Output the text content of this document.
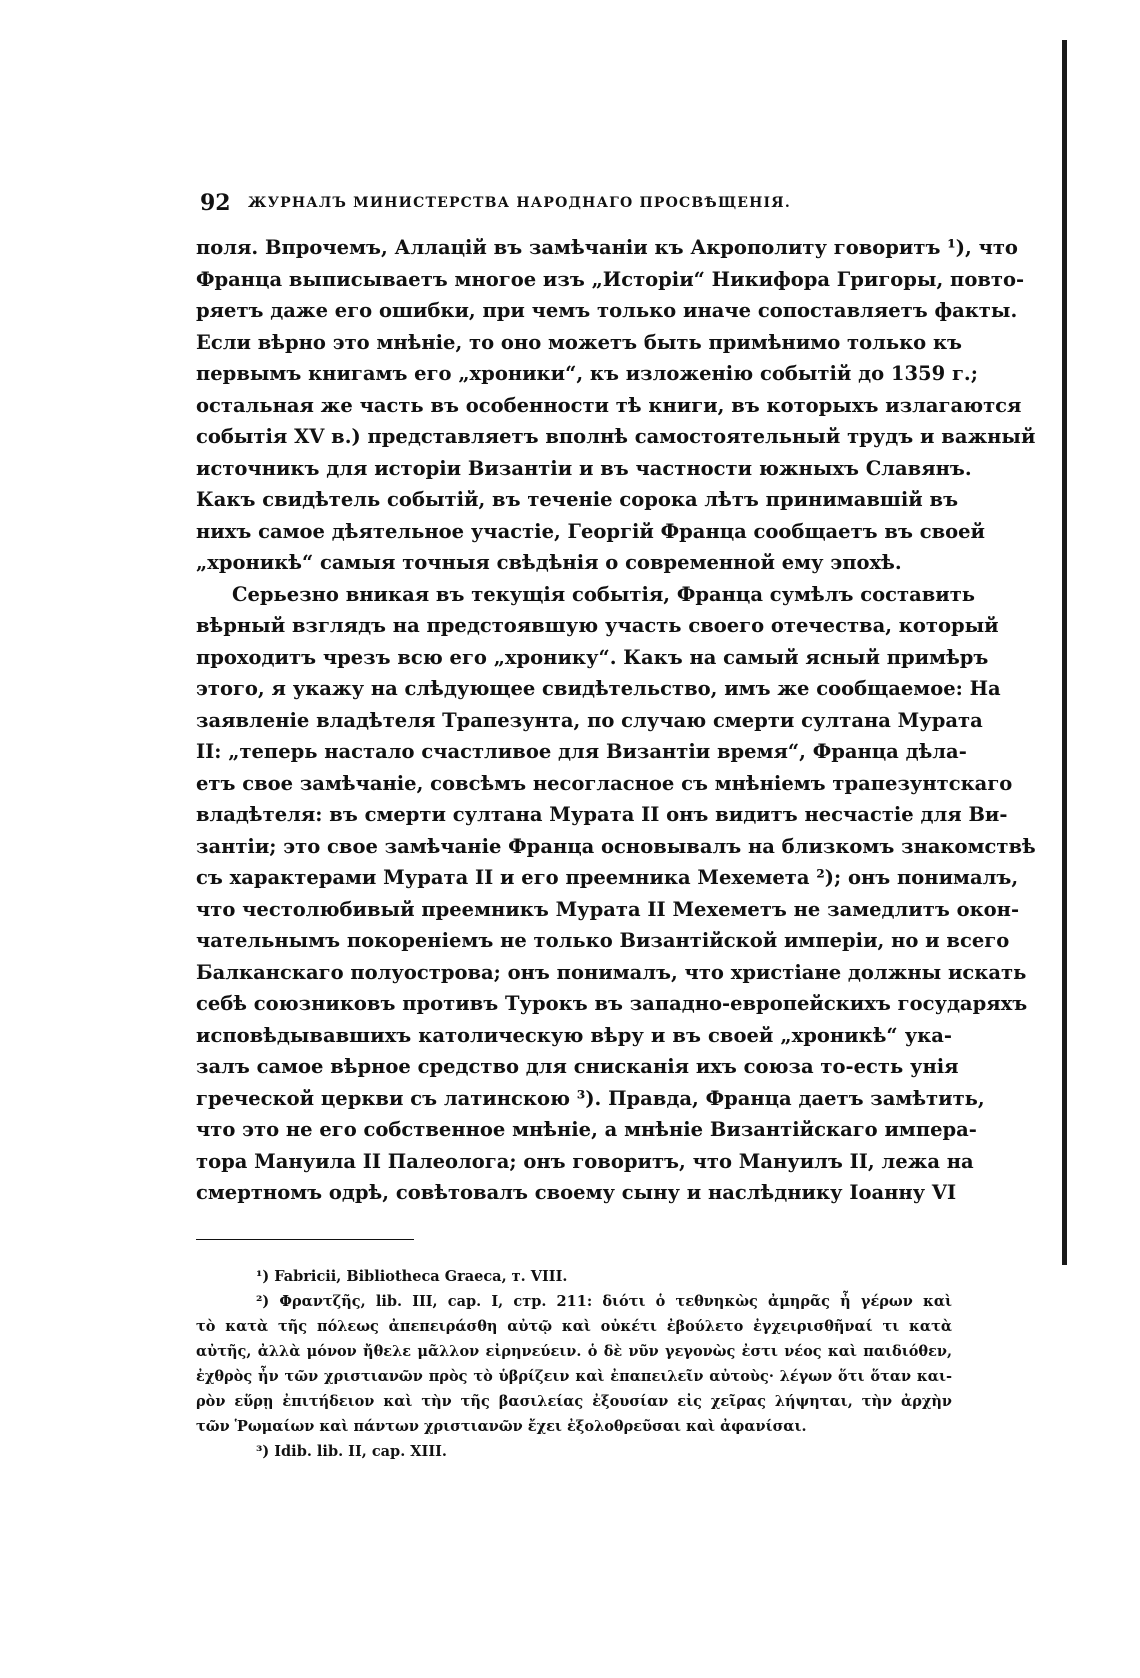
92 ЖУРНАЛЪ МИНИСТЕРСТВА НАРОДНАГО ПРОСВѢЩЕНІЯ.
поля. Впрочемъ, Аллацій въ замѣчаніи къ Акрополиту говоритъ ¹), что
Франца выписываетъ многое изъ „Исторіи“ Никифора Григоры, повто-
ряетъ даже его ошибки, при чемъ только иначе сопоставляетъ факты.
Если вѣрно это мнѣніе, то оно можетъ быть примѣнимо только къ
первымъ книгамъ его „хроники“, къ изложенію событій до 1359 г.;
остальная же часть въ особенности тѣ книги, въ которыхъ излагаются
событія XV в.) представляетъ вполнѣ самостоятельный трудъ и важный
источникъ для исторіи Византіи и въ частности южныхъ Славянъ.
Какъ свидѣтель событій, въ теченіе сорока лѣтъ принимавшій въ
нихъ самое дѣятельное участіе, Георгій Франца сообщаетъ въ своей
„хроникѣ“ самыя точныя свѣдѣнія о современной ему эпохѣ.
Серьезно вникая въ текущія событія, Франца сумѣлъ составить
вѣрный взглядъ на предстоявшую участь своего отечества, который
проходитъ чрезъ всю его „хронику“. Какъ на самый ясный примѣръ
этого, я укажу на слѣдующее свидѣтельство, имъ же сообщаемое: На
заявленіе владѣтеля Трапезунта, по случаю смерти султана Мурата
II: „теперь настало счастливое для Византіи время“, Франца дѣла-
етъ свое замѣчаніе, совсѣмъ несогласное съ мнѣніемъ трапезунтскаго
владѣтеля: въ смерти султана Мурата II онъ видитъ несчастіе для Ви-
зантіи; это свое замѣчаніе Франца основывалъ на близкомъ знакомствѣ
съ характерами Мурата II и его преемника Мехемета ²); онъ понималъ,
что честолюбивый преемникъ Мурата II Мехеметъ не замедлитъ окон-
чательнымъ покореніемъ не только Византійской имперіи, но и всего
Балканскаго полуострова; онъ понималъ, что христіане должны искать
себѣ союзниковъ противъ Турокъ въ западно-европейскихъ государяхъ
исповѣдывавшихъ католическую вѣру и въ своей „хроникѣ“ ука-
залъ самое вѣрное средство для снисканія ихъ союза то-есть унія
греческой церкви съ латинскою ³). Правда, Франца даетъ замѣтить,
что это не его собственное мнѣніе, а мнѣніе Византійскаго импера-
тора Мануила II Палеолога; онъ говоритъ, что Мануилъ II, лежа на
смертномъ одрѣ, совѣтовалъ своему сыну и наслѣднику Іоанну VI
¹) Fabricii, Bibliotheca Graeca, т. VIII.
²) Φραντζῆς, lib. III, cap. I, стр. 211: διότι ὁ τεθνηκὼς ἀμηρᾶς ἦ γέρων καὶ
τὸ κατὰ τῆς πόλεως ἀπεπειράσθη αὐτῷ καὶ οὐκέτι ἐβούλετο ἐγχειρισθῆναί τι κατὰ
αὐτῆς, ἀλλὰ μόνον ἤθελε μᾶλλον εἰρηνεύειν. ὁ δὲ νῦν γεγονὼς ἐστι νέος καὶ παιδιόθεν,
ἐχθρὸς ἦν τῶν χριστιανῶν πρὸς τὸ ὑβρίζειν καὶ ἐπαπειλεῖν αὐτοὺς· λέγων ὅτι ὅταν και-
ρὸν εὕρῃ ἐπιτήδειον καὶ τὴν τῆς βασιλείας ἐξουσίαν εἰς χεῖρας λήψηται, τὴν ἀρχὴν
τῶν Ῥωμαίων καὶ πάντων χριστιανῶν ἔχει ἐξολοθρεῦσαι καὶ ἀφανίσαι.
³) Idib. lib. II, cap. XIII.
